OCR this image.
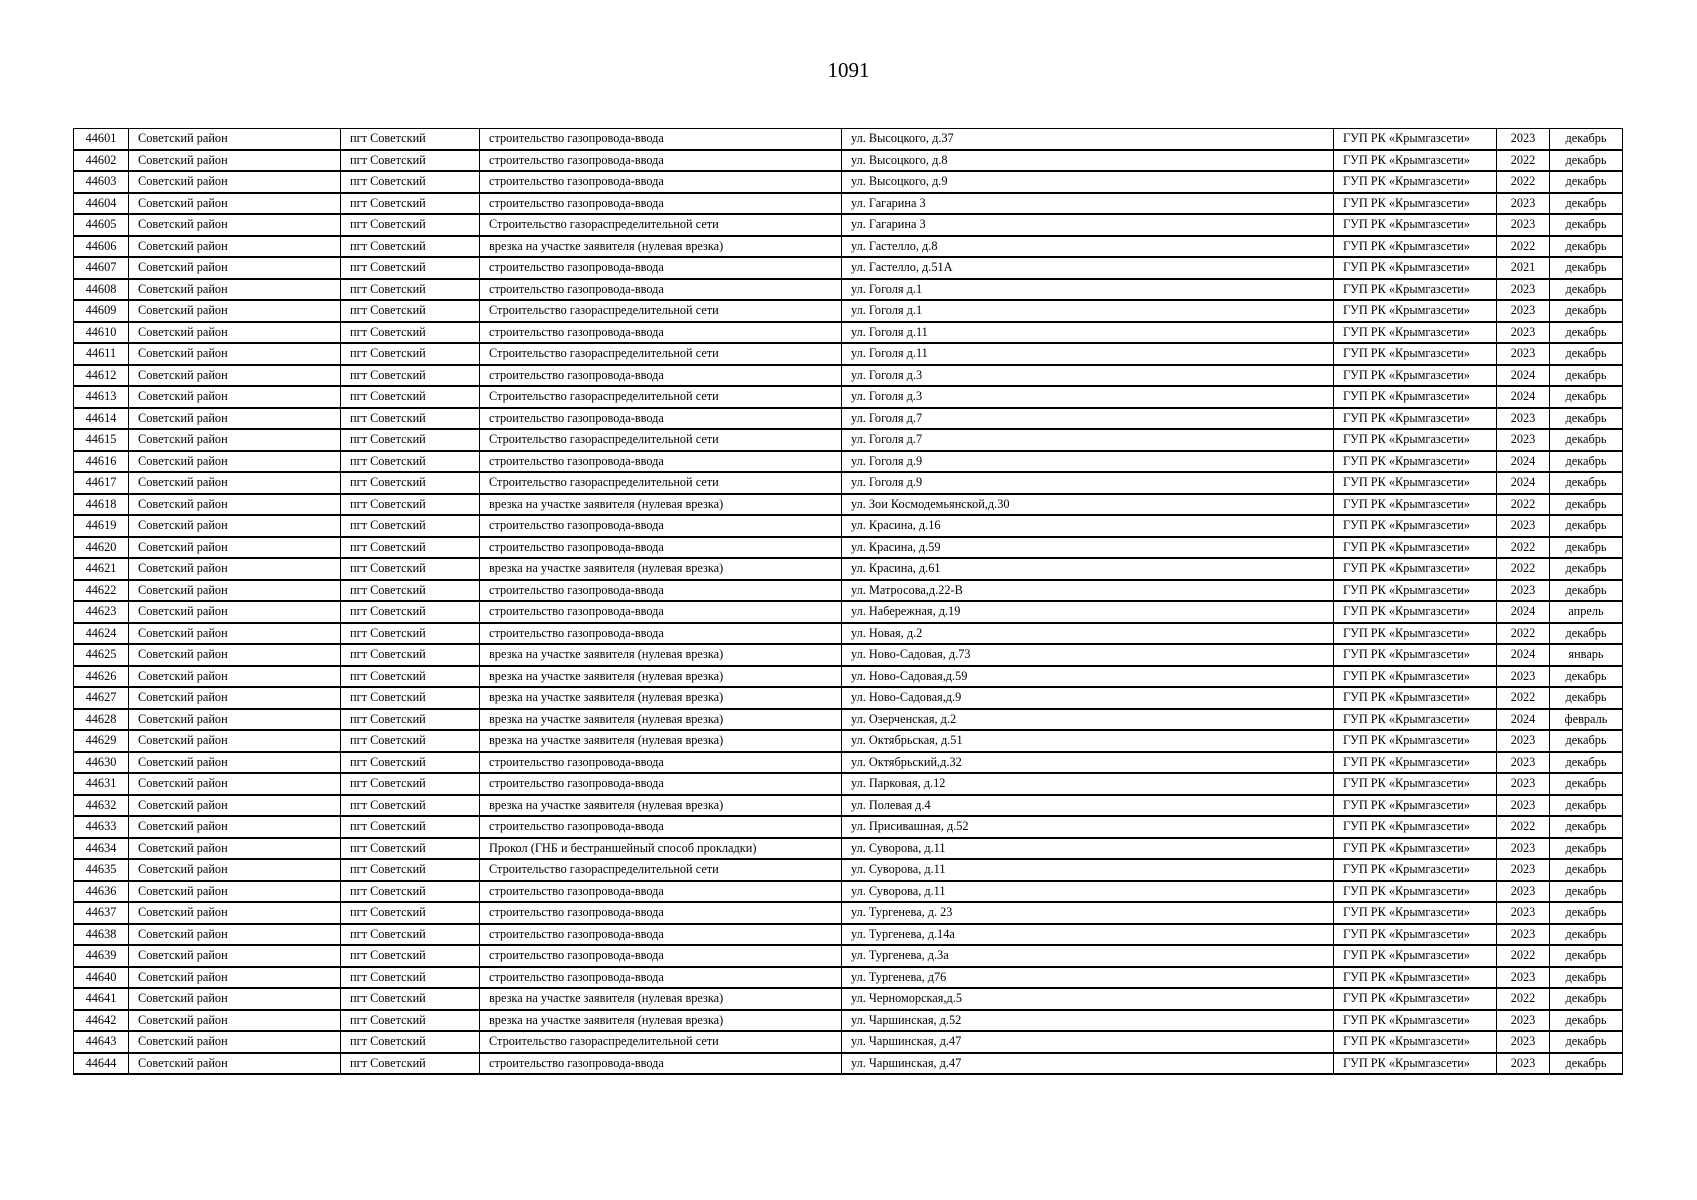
1091
44601	Советский район	пгт Советский	строительство газопровода-ввода	ул. Высоцкого, д.37	ГУП РК «Крымгазсети»	2023	декабрь
44602	Советский район	пгт Советский	строительство газопровода-ввода	ул. Высоцкого, д.8	ГУП РК «Крымгазсети»	2022	декабрь
44603	Советский район	пгт Советский	строительство газопровода-ввода	ул. Высоцкого, д.9	ГУП РК «Крымгазсети»	2022	декабрь
44604	Советский район	пгт Советский	строительство газопровода-ввода	ул. Гагарина 3	ГУП РК «Крымгазсети»	2023	декабрь
44605	Советский район	пгт Советский	Строительство газораспределительной сети	ул. Гагарина 3	ГУП РК «Крымгазсети»	2023	декабрь
44606	Советский район	пгт Советский	врезка на участке заявителя (нулевая врезка)	ул. Гастелло, д.8	ГУП РК «Крымгазсети»	2022	декабрь
44607	Советский район	пгт Советский	строительство газопровода-ввода	ул. Гастелло, д.51А	ГУП РК «Крымгазсети»	2021	декабрь
44608	Советский район	пгт Советский	строительство газопровода-ввода	ул. Гоголя д.1	ГУП РК «Крымгазсети»	2023	декабрь
44609	Советский район	пгт Советский	Строительство газораспределительной сети	ул. Гоголя д.1	ГУП РК «Крымгазсети»	2023	декабрь
44610	Советский район	пгт Советский	строительство газопровода-ввода	ул. Гоголя д.11	ГУП РК «Крымгазсети»	2023	декабрь
44611	Советский район	пгт Советский	Строительство газораспределительной сети	ул. Гоголя д.11	ГУП РК «Крымгазсети»	2023	декабрь
44612	Советский район	пгт Советский	строительство газопровода-ввода	ул. Гоголя д.3	ГУП РК «Крымгазсети»	2024	декабрь
44613	Советский район	пгт Советский	Строительство газораспределительной сети	ул. Гоголя д.3	ГУП РК «Крымгазсети»	2024	декабрь
44614	Советский район	пгт Советский	строительство газопровода-ввода	ул. Гоголя д.7	ГУП РК «Крымгазсети»	2023	декабрь
44615	Советский район	пгт Советский	Строительство газораспределительной сети	ул. Гоголя д.7	ГУП РК «Крымгазсети»	2023	декабрь
44616	Советский район	пгт Советский	строительство газопровода-ввода	ул. Гоголя д.9	ГУП РК «Крымгазсети»	2024	декабрь
44617	Советский район	пгт Советский	Строительство газораспределительной сети	ул. Гоголя д.9	ГУП РК «Крымгазсети»	2024	декабрь
44618	Советский район	пгт Советский	врезка на участке заявителя (нулевая врезка)	ул. Зои Космодемьянской,д.30	ГУП РК «Крымгазсети»	2022	декабрь
44619	Советский район	пгт Советский	строительство газопровода-ввода	ул. Красина, д.16	ГУП РК «Крымгазсети»	2023	декабрь
44620	Советский район	пгт Советский	строительство газопровода-ввода	ул. Красина, д.59	ГУП РК «Крымгазсети»	2022	декабрь
44621	Советский район	пгт Советский	врезка на участке заявителя (нулевая врезка)	ул. Красина, д.61	ГУП РК «Крымгазсети»	2022	декабрь
44622	Советский район	пгт Советский	строительство газопровода-ввода	ул. Матросова,д.22-В	ГУП РК «Крымгазсети»	2023	декабрь
44623	Советский район	пгт Советский	строительство газопровода-ввода	ул. Набережная, д.19	ГУП РК «Крымгазсети»	2024	апрель
44624	Советский район	пгт Советский	строительство газопровода-ввода	ул. Новая, д.2	ГУП РК «Крымгазсети»	2022	декабрь
44625	Советский район	пгт Советский	врезка на участке заявителя (нулевая врезка)	ул. Ново-Садовая, д.73	ГУП РК «Крымгазсети»	2024	январь
44626	Советский район	пгт Советский	врезка на участке заявителя (нулевая врезка)	ул. Ново-Садовая,д.59	ГУП РК «Крымгазсети»	2023	декабрь
44627	Советский район	пгт Советский	врезка на участке заявителя (нулевая врезка)	ул. Ново-Садовая,д.9	ГУП РК «Крымгазсети»	2022	декабрь
44628	Советский район	пгт Советский	врезка на участке заявителя (нулевая врезка)	ул. Озерченская, д.2	ГУП РК «Крымгазсети»	2024	февраль
44629	Советский район	пгт Советский	врезка на участке заявителя (нулевая врезка)	ул. Октябрьская, д.51	ГУП РК «Крымгазсети»	2023	декабрь
44630	Советский район	пгт Советский	строительство газопровода-ввода	ул. Октябрьский,д.32	ГУП РК «Крымгазсети»	2023	декабрь
44631	Советский район	пгт Советский	строительство газопровода-ввода	ул. Парковая, д.12	ГУП РК «Крымгазсети»	2023	декабрь
44632	Советский район	пгт Советский	врезка на участке заявителя (нулевая врезка)	ул. Полевая д.4	ГУП РК «Крымгазсети»	2023	декабрь
44633	Советский район	пгт Советский	строительство газопровода-ввода	ул. Присивашная, д.52	ГУП РК «Крымгазсети»	2022	декабрь
44634	Советский район	пгт Советский	Прокол (ГНБ и бестраншейный способ прокладки)	ул. Суворова, д.11	ГУП РК «Крымгазсети»	2023	декабрь
44635	Советский район	пгт Советский	Строительство газораспределительной сети	ул. Суворова, д.11	ГУП РК «Крымгазсети»	2023	декабрь
44636	Советский район	пгт Советский	строительство газопровода-ввода	ул. Суворова, д.11	ГУП РК «Крымгазсети»	2023	декабрь
44637	Советский район	пгт Советский	строительство газопровода-ввода	ул. Тургенева, д. 23	ГУП РК «Крымгазсети»	2023	декабрь
44638	Советский район	пгт Советский	строительство газопровода-ввода	ул. Тургенева, д.14а	ГУП РК «Крымгазсети»	2023	декабрь
44639	Советский район	пгт Советский	строительство газопровода-ввода	ул. Тургенева, д.3а	ГУП РК «Крымгазсети»	2022	декабрь
44640	Советский район	пгт Советский	строительство газопровода-ввода	ул. Тургенева, д76	ГУП РК «Крымгазсети»	2023	декабрь
44641	Советский район	пгт Советский	врезка на участке заявителя (нулевая врезка)	ул. Черноморская,д.5	ГУП РК «Крымгазсети»	2022	декабрь
44642	Советский район	пгт Советский	врезка на участке заявителя (нулевая врезка)	ул. Чаршинская, д.52	ГУП РК «Крымгазсети»	2023	декабрь
44643	Советский район	пгт Советский	Строительство газораспределительной сети	ул. Чаршинская, д.47	ГУП РК «Крымгазсети»	2023	декабрь
44644	Советский район	пгт Советский	строительство газопровода-ввода	ул. Чаршинская, д.47	ГУП РК «Крымгазсети»	2023	декабрь
